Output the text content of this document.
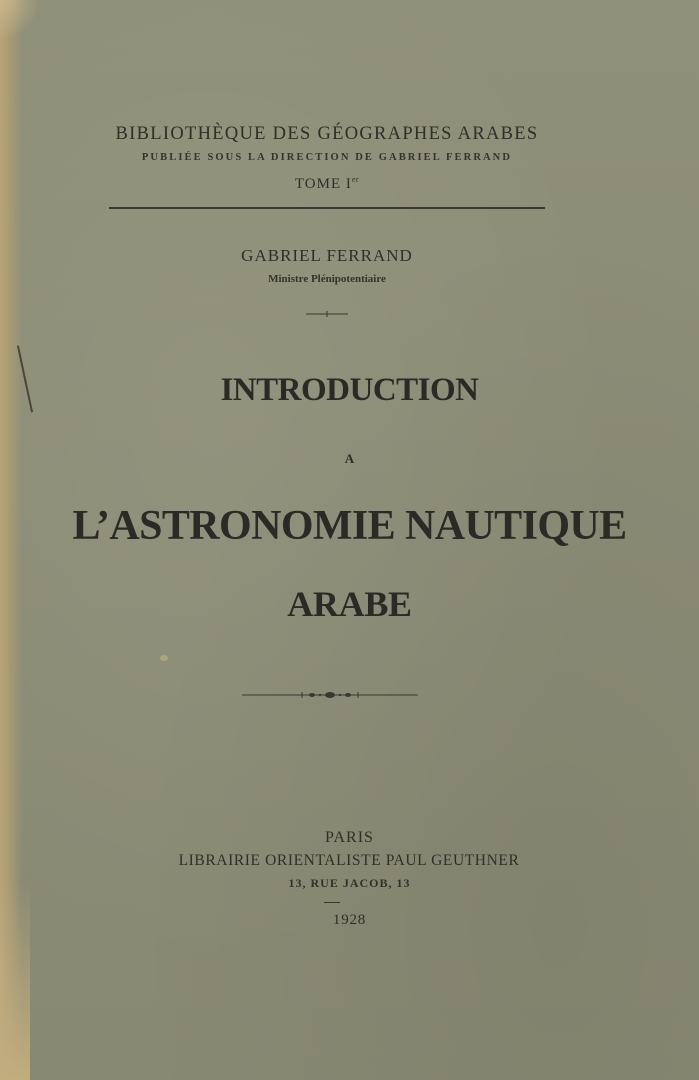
BIBLIOTHÈQUE DES GÉOGRAPHES ARABES
PUBLIÉE SOUS LA DIRECTION DE GABRIEL FERRAND
TOME Ier
GABRIEL FERRAND
Ministre Plénipotentiaire
INTRODUCTION
A
L’ASTRONOMIE NAUTIQUE
ARABE
PARIS
LIBRAIRIE ORIENTALISTE PAUL GEUTHNER
13, RUE JACOB, 13
1928
